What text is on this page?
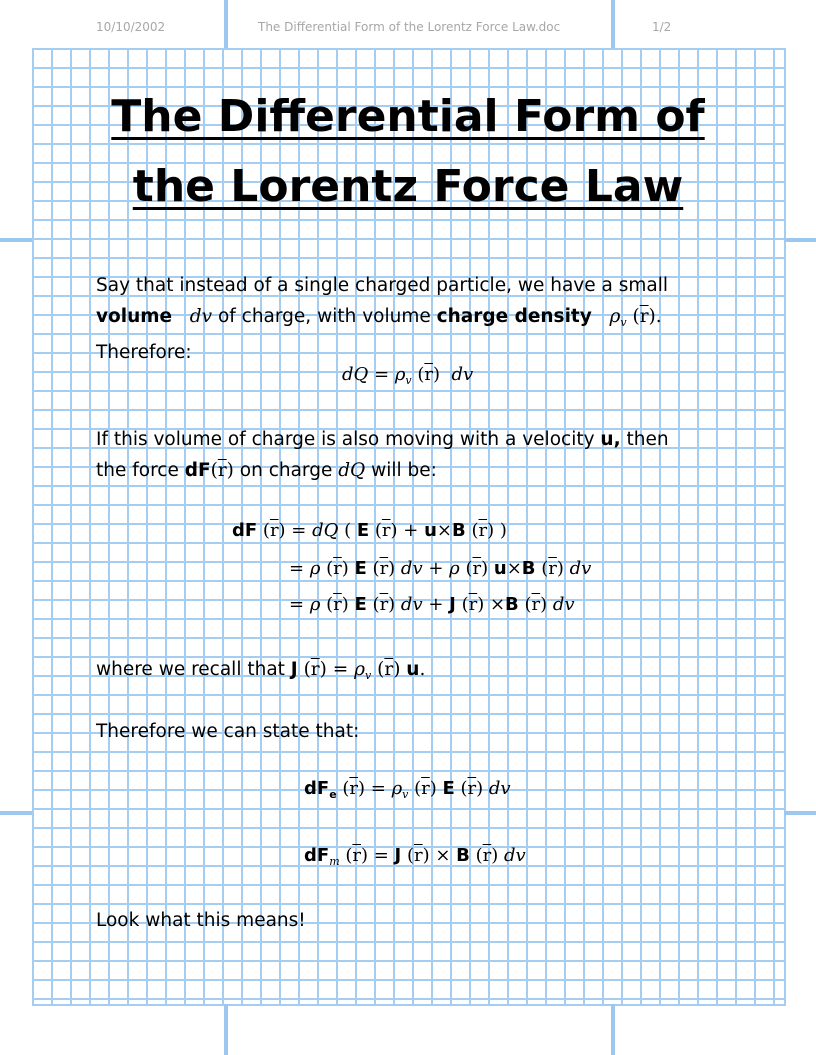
10/10/2002	The Differential Form of the Lorentz Force Law.doc	1/2
The Differential Form of
the Lorentz Force Law
Say that instead of a single charged particle, we have a small
volume dv of charge, with volume charge density $\rho_v$ $(\overline{r})$.
Therefore:
dQ = $\rho_v$ $(\overline{r})$  dv
If this volume of charge is also moving with a velocity u, then
the force $dF(\overline{r})$ on charge dQ will be:
dF $(\overline{r})$ = dQ ( E $(\overline{r}) + u\times B$ $(\overline{r})$ )
= ρ $(\overline{r})$ E $(\overline{r})$ dv + ρ $(\overline{r})$ u×B $(\overline{r})$ dv
= ρ $(\overline{r})$ E $(\overline{r})$ dv + J $(\overline{r}) \times B$ $(\overline{r})$ dv
where we recall that J $(\overline{r}) = \rho_v$ $(\overline{r})$ u.
Therefore we can state that:
$dF_e$ $(\overline{r}) = \rho_v$ $(\overline{r})$ E $(\overline{r})$ dv
$dF_m$ $(\overline{r}) = J$ $(\overline{r}) \times B$ $(\overline{r})$ dv
Look what this means!
